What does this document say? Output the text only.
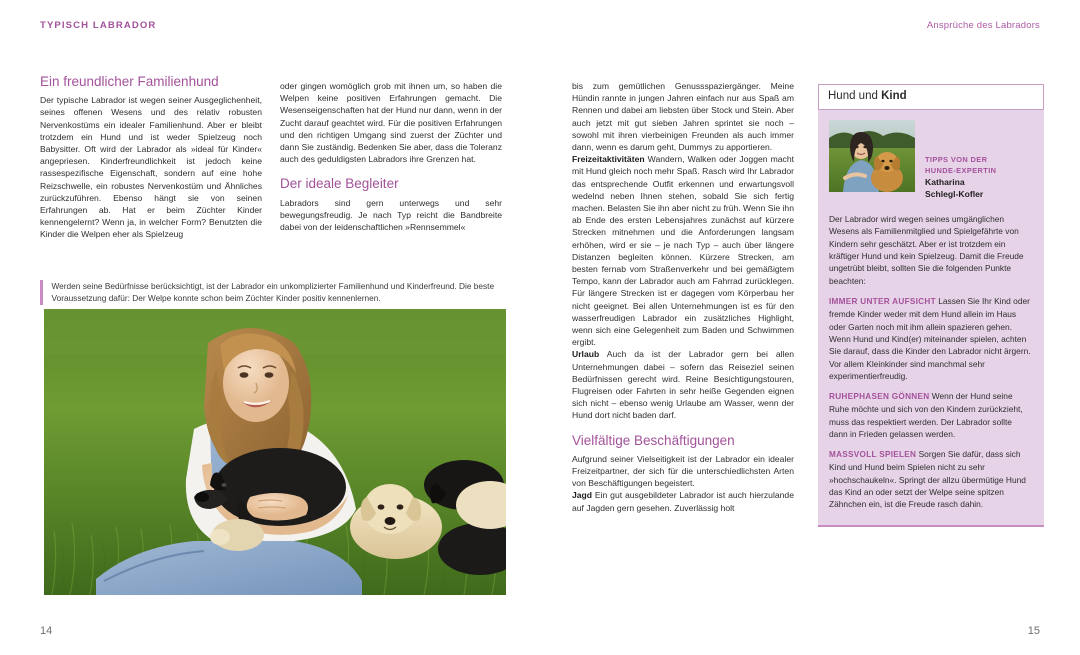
TYPISCH LABRADOR	Ansprüche des Labradors
14	15
Ein freundlicher Familienhund

Der typische Labrador ist wegen seiner Ausgeglichenheit, seines offenen Wesens und des relativ robusten Nervenkostüms ein idealer Familienhund. Aber er bleibt trotzdem ein Hund und ist weder Spielzeug noch Babysitter. Oft wird der Labrador als »ideal für Kinder« angepriesen. Kinderfreundlichkeit ist jedoch keine rassespezifische Eigenschaft, sondern auf eine hohe Reizschwelle, ein robustes Nervenkostüm und Ähnliches zurückzuführen. Ebenso hängt sie von seinen Erfahrungen ab. Hat er beim Züchter Kinder kennengelernt? Wenn ja, in welcher Form? Benutzten die Kinder die Welpen eher als Spielzeug

oder gingen womöglich grob mit ihnen um, so haben die Welpen keine positiven Erfahrungen gemacht. Die Wesenseigenschaften hat der Hund nur dann, wenn in der Zucht darauf geachtet wird. Für die positiven Erfahrungen und den richtigen Umgang sind zuerst der Züchter und dann Sie zuständig. Bedenken Sie aber, dass die Toleranz auch des geduldigsten Labradors ihre Grenzen hat.

Der ideale Begleiter

Labradors sind gern unterwegs und sehr bewegungsfreudig. Je nach Typ reicht die Bandbreite dabei von der leidenschaftlichen »Rennsemmel«

Werden seine Bedürfnisse berücksichtigt, ist der Labrador ein unkomplizierter Familienhund und Kinderfreund. Die beste Voraussetzung dafür: Der Welpe konnte schon beim Züchter Kinder positiv kennenlernen.

bis zum gemütlichen Genussspaziergänger. Meine Hündin rannte in jungen Jahren einfach nur aus Spaß am Rennen und dabei am liebsten über Stock und Stein. Aber auch jetzt mit gut sieben Jahren sprintet sie noch – sowohl mit ihren vierbeinigen Freunden als auch immer dann, wenn es darum geht, Dummys zu apportieren.

Freizeitaktivitäten Wandern, Walken oder Joggen macht mit Hund gleich noch mehr Spaß. Rasch wird Ihr Labrador das entsprechende Outfit erkennen und erwartungsvoll wedelnd neben Ihnen stehen, sobald Sie sich fertig machen. Belasten Sie ihn aber nicht zu früh. Wenn Sie ihn ab Ende des ersten Lebensjahres zunächst auf kürzere Strecken mitnehmen und die Anforderungen langsam erhöhen, wird er sie – je nach Typ – auch über längere Distanzen begleiten können. Kürzere Strecken, am besten fernab vom Straßenverkehr und bei gemäßigtem Tempo, kann der Labrador auch am Fahrrad zurücklegen. Für längere Strecken ist er dagegen vom Körperbau her nicht geeignet. Bei allen Unternehmungen ist es für den wasserfreudigen Labrador ein zusätzliches Highlight, wenn sich eine Gelegenheit zum Baden und Schwimmen ergibt.

Urlaub Auch da ist der Labrador gern bei allen Unternehmungen dabei – sofern das Reiseziel seinen Bedürfnissen gerecht wird. Reine Besichtigungstouren, Flugreisen oder Fahrten in sehr heiße Gegenden eignen sich nicht – ebenso wenig Urlaube am Wasser, wenn der Hund dort nicht baden darf.

Vielfältige Beschäftigungen

Aufgrund seiner Vielseitigkeit ist der Labrador ein idealer Freizeitpartner, der sich für die unterschiedlichsten Arten von Beschäftigungen begeistert.

Jagd Ein gut ausgebildeter Labrador ist auch hierzulande auf Jagden gern gesehen. Zuverlässig holt

Hund und Kind
TIPPS VON DER
HUNDE-EXPERTIN
Katharina
Schlegl-Kofler

Der Labrador wird wegen seines umgänglichen Wesens als Familienmitglied und Spielgefährte von Kindern sehr geschätzt. Aber er ist trotzdem ein kräftiger Hund und kein Spielzeug. Damit die Freude ungetrübt bleibt, sollten Sie die folgenden Punkte beachten:

IMMER UNTER AUFSICHT Lassen Sie Ihr Kind oder fremde Kinder weder mit dem Hund allein im Haus oder Garten noch mit ihm allein spazieren gehen. Wenn Hund und Kind(er) miteinander spielen, achten Sie darauf, dass die Kinder den Labrador nicht ärgern. Vor allem Kleinkinder sind manchmal sehr experimentierfreudig.

RUHEPHASEN GÖNNEN Wenn der Hund seine Ruhe möchte und sich von den Kindern zurückzieht, muss das respektiert werden. Der Labrador sollte dann in Frieden gelassen werden.

MASSVOLL SPIELEN Sorgen Sie dafür, dass sich Kind und Hund beim Spielen nicht zu sehr »hochschaukeln«. Springt der allzu übermütige Hund das Kind an oder setzt der Welpe seine spitzen Zähnchen ein, ist die Freude rasch dahin.
